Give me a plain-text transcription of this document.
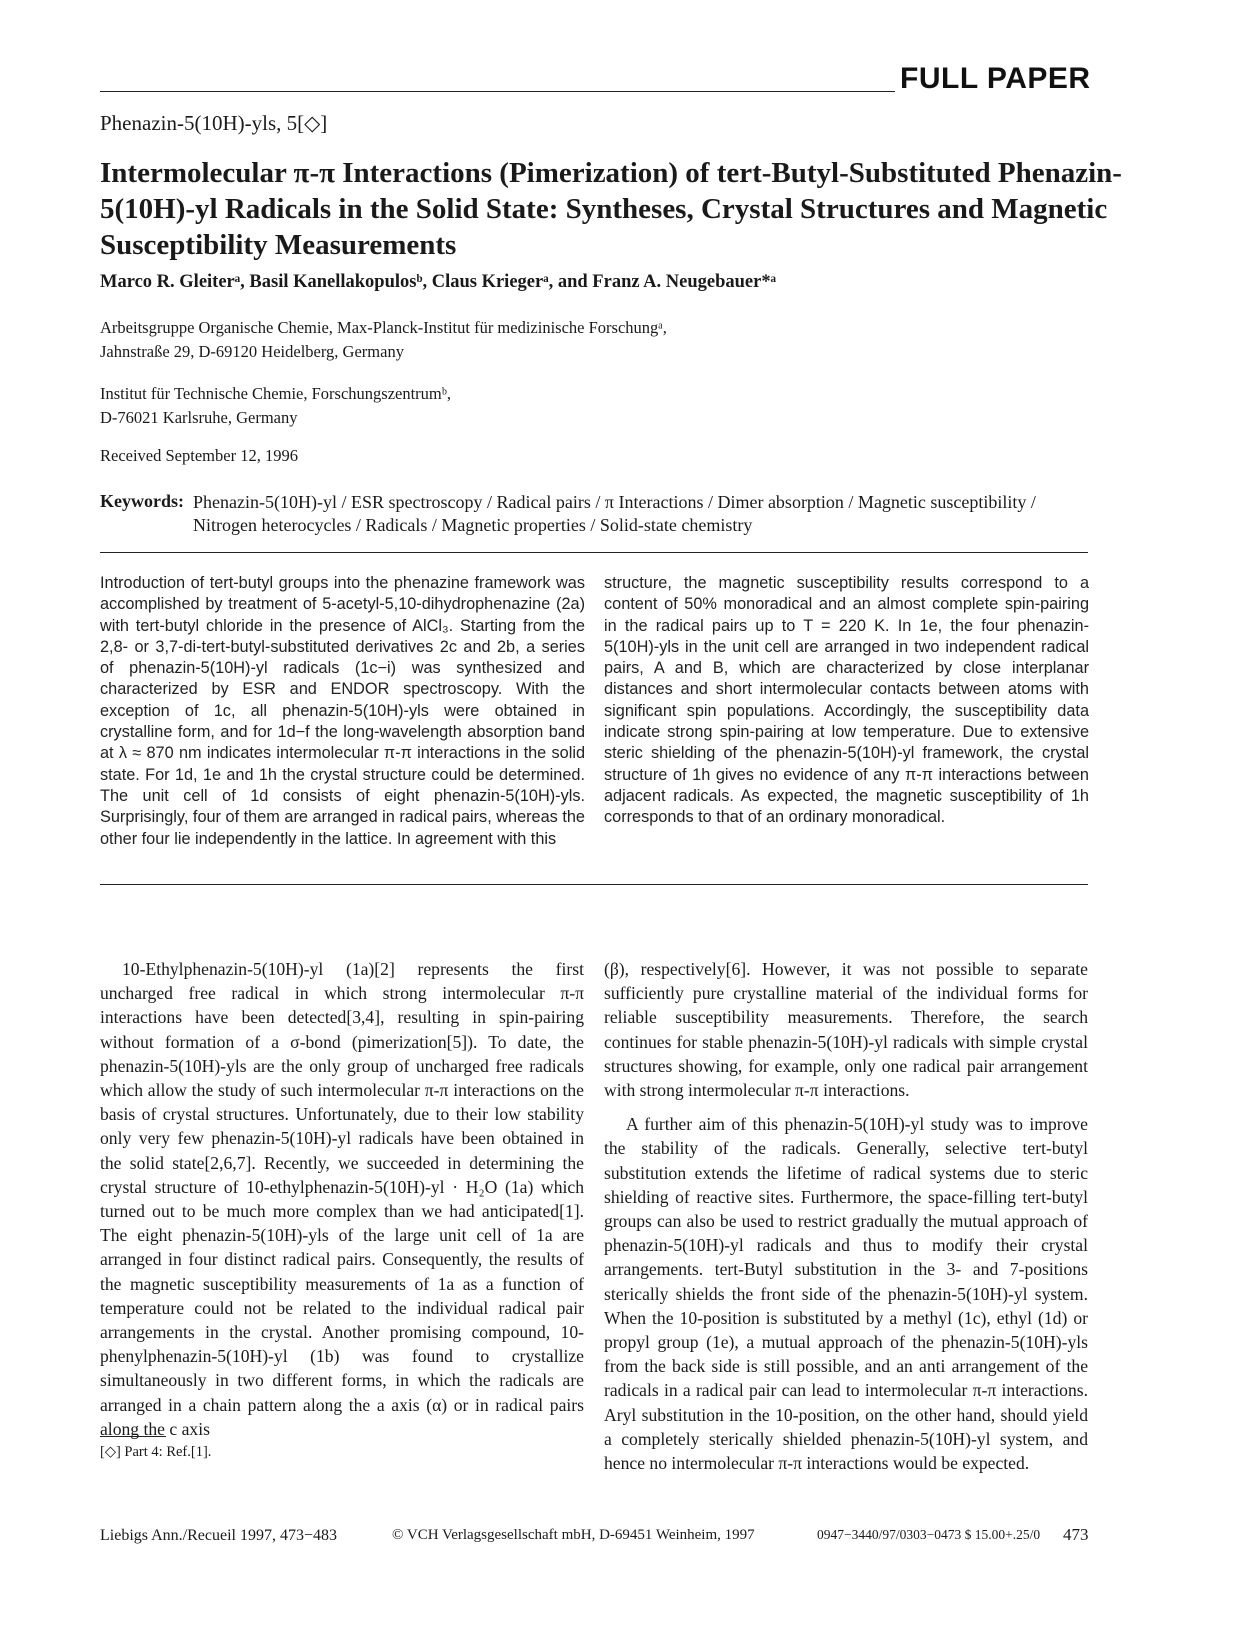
FULL PAPER
Phenazin-5(10H)-yls, 5[◇]
Intermolecular π-π Interactions (Pimerization) of tert-Butyl-Substituted Phenazin-5(10H)-yl Radicals in the Solid State: Syntheses, Crystal Structures and Magnetic Susceptibility Measurements
Marco R. Gleiterᵃ, Basil Kanellakopulosᵇ, Claus Kriegerᵃ, and Franz A. Neugebauer*ᵃ
Arbeitsgruppe Organische Chemie, Max-Planck-Institut für medizinische Forschungᵃ,
Jahnstraße 29, D-69120 Heidelberg, Germany
Institut für Technische Chemie, Forschungszentrumᵇ,
D-76021 Karlsruhe, Germany
Received September 12, 1996
Keywords: Phenazin-5(10H)-yl / ESR spectroscopy / Radical pairs / π Interactions / Dimer absorption / Magnetic susceptibility / Nitrogen heterocycles / Radicals / Magnetic properties / Solid-state chemistry
Introduction of tert-butyl groups into the phenazine framework was accomplished by treatment of 5-acetyl-5,10-dihydrophenazine (2a) with tert-butyl chloride in the presence of AlCl₃. Starting from the 2,8- or 3,7-di-tert-butyl-substituted derivatives 2c and 2b, a series of phenazin-5(10H)-yl radicals (1c−i) was synthesized and characterized by ESR and ENDOR spectroscopy. With the exception of 1c, all phenazin-5(10H)-yls were obtained in crystalline form, and for 1d−f the long-wavelength absorption band at λ ≈ 870 nm indicates intermolecular π-π interactions in the solid state. For 1d, 1e and 1h the crystal structure could be determined. The unit cell of 1d consists of eight phenazin-5(10H)-yls. Surprisingly, four of them are arranged in radical pairs, whereas the other four lie independently in the lattice. In agreement with this
structure, the magnetic susceptibility results correspond to a content of 50% monoradical and an almost complete spin-pairing in the radical pairs up to T = 220 K. In 1e, the four phenazin-5(10H)-yls in the unit cell are arranged in two independent radical pairs, A and B, which are characterized by close interplanar distances and short intermolecular contacts between atoms with significant spin populations. Accordingly, the susceptibility data indicate strong spin-pairing at low temperature. Due to extensive steric shielding of the phenazin-5(10H)-yl framework, the crystal structure of 1h gives no evidence of any π-π interactions between adjacent radicals. As expected, the magnetic susceptibility of 1h corresponds to that of an ordinary monoradical.

10-Ethylphenazin-5(10H)-yl (1a)[2] represents the first uncharged free radical in which strong intermolecular π-π interactions have been detected[3,4], resulting in spin-pairing without formation of a σ-bond (pimerization[5]). To date, the phenazin-5(10H)-yls are the only group of uncharged free radicals which allow the study of such intermolecular π-π interactions on the basis of crystal structures. Unfortunately, due to their low stability only very few phenazin-5(10H)-yl radicals have been obtained in the solid state[2,6,7]. Recently, we succeeded in determining the crystal structure of 10-ethylphenazin-5(10H)-yl · H₂O (1a) which turned out to be much more complex than we had anticipated[1]. The eight phenazin-5(10H)-yls of the large unit cell of 1a are arranged in four distinct radical pairs. Consequently, the results of the magnetic susceptibility measurements of 1a as a function of temperature could not be related to the individual radical pair arrangements in the crystal. Another promising compound, 10-phenylphenazin-5(10H)-yl (1b) was found to crystallize simultaneously in two different forms, in which the radicals are arranged in a chain pattern along the a axis (α) or in radical pairs along the c axis

(β), respectively[6]. However, it was not possible to separate sufficiently pure crystalline material of the individual forms for reliable susceptibility measurements. Therefore, the search continues for stable phenazin-5(10H)-yl radicals with simple crystal structures showing, for example, only one radical pair arrangement with strong intermolecular π-π interactions.

A further aim of this phenazin-5(10H)-yl study was to improve the stability of the radicals. Generally, selective tert-butyl substitution extends the lifetime of radical systems due to steric shielding of reactive sites. Furthermore, the space-filling tert-butyl groups can also be used to restrict gradually the mutual approach of phenazin-5(10H)-yl radicals and thus to modify their crystal arrangements. tert-Butyl substitution in the 3- and 7-positions sterically shields the front side of the phenazin-5(10H)-yl system. When the 10-position is substituted by a methyl (1c), ethyl (1d) or propyl group (1e), a mutual approach of the phenazin-5(10H)-yls from the back side is still possible, and an anti arrangement of the radicals in a radical pair can lead to intermolecular π-π interactions. Aryl substitution in the 10-position, on the other hand, should yield a completely sterically shielded phenazin-5(10H)-yl system, and hence no intermolecular π-π interactions would be expected.

[◇] Part 4: Ref.[1].
Liebigs Ann./Recueil 1997, 473−483	© VCH Verlagsgesellschaft mbH, D-69451 Weinheim, 1997	0947−3440/97/0303−0473 $ 15.00+.25/0 473
